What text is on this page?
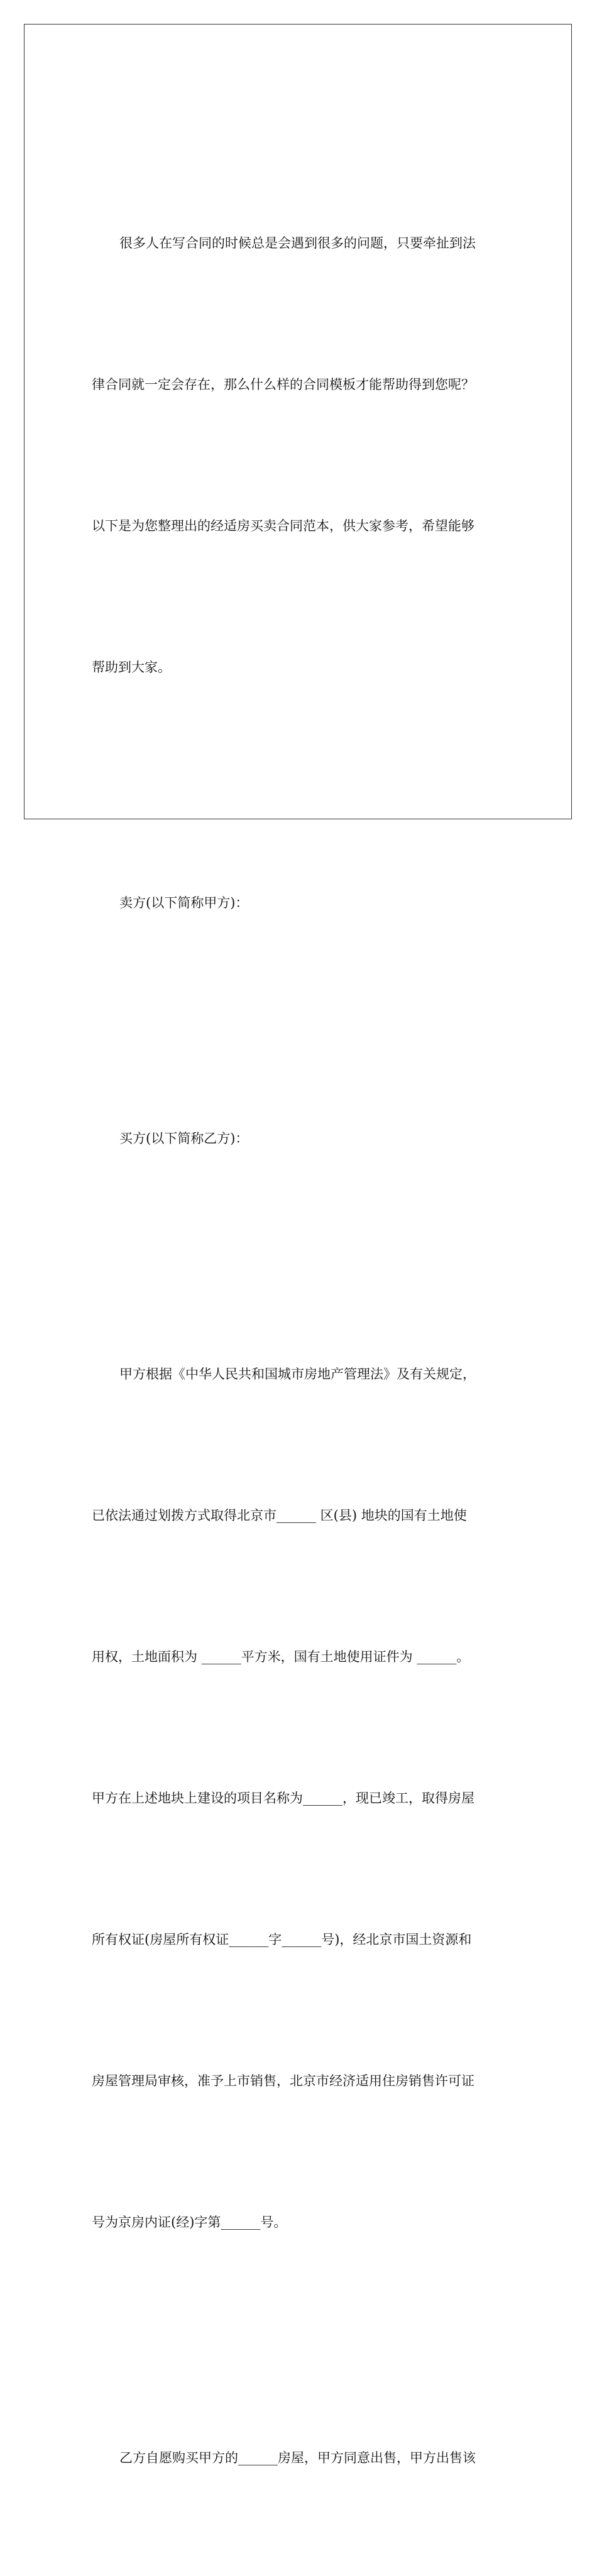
很多人在写合同的时候总是会遇到很多的问题，只要牵扯到法

律合同就一定会存在，那么什么样的合同模板才能帮助得到您呢？

以下是为您整理出的经适房买卖合同范本，供大家参考，希望能够

帮助到大家。

卖方(以下简称甲方)：

买方(以下简称乙方)：

甲方根据《中华人民共和国城市房地产管理法》及有关规定，

已依法通过划拨方式取得北京市______ 区(县) 地块的国有土地使

用权，土地面积为 ______平方米，国有土地使用证件为 ______。

甲方在上述地块上建设的项目名称为______，现已竣工，取得房屋

所有权证(房屋所有权证______字______号)，经北京市国土资源和

房屋管理局审核，准予上市销售，北京市经济适用住房销售许可证

号为京房内证(经)字第______号。

乙方自愿购买甲方的______房屋，甲方同意出售，甲方出售该
